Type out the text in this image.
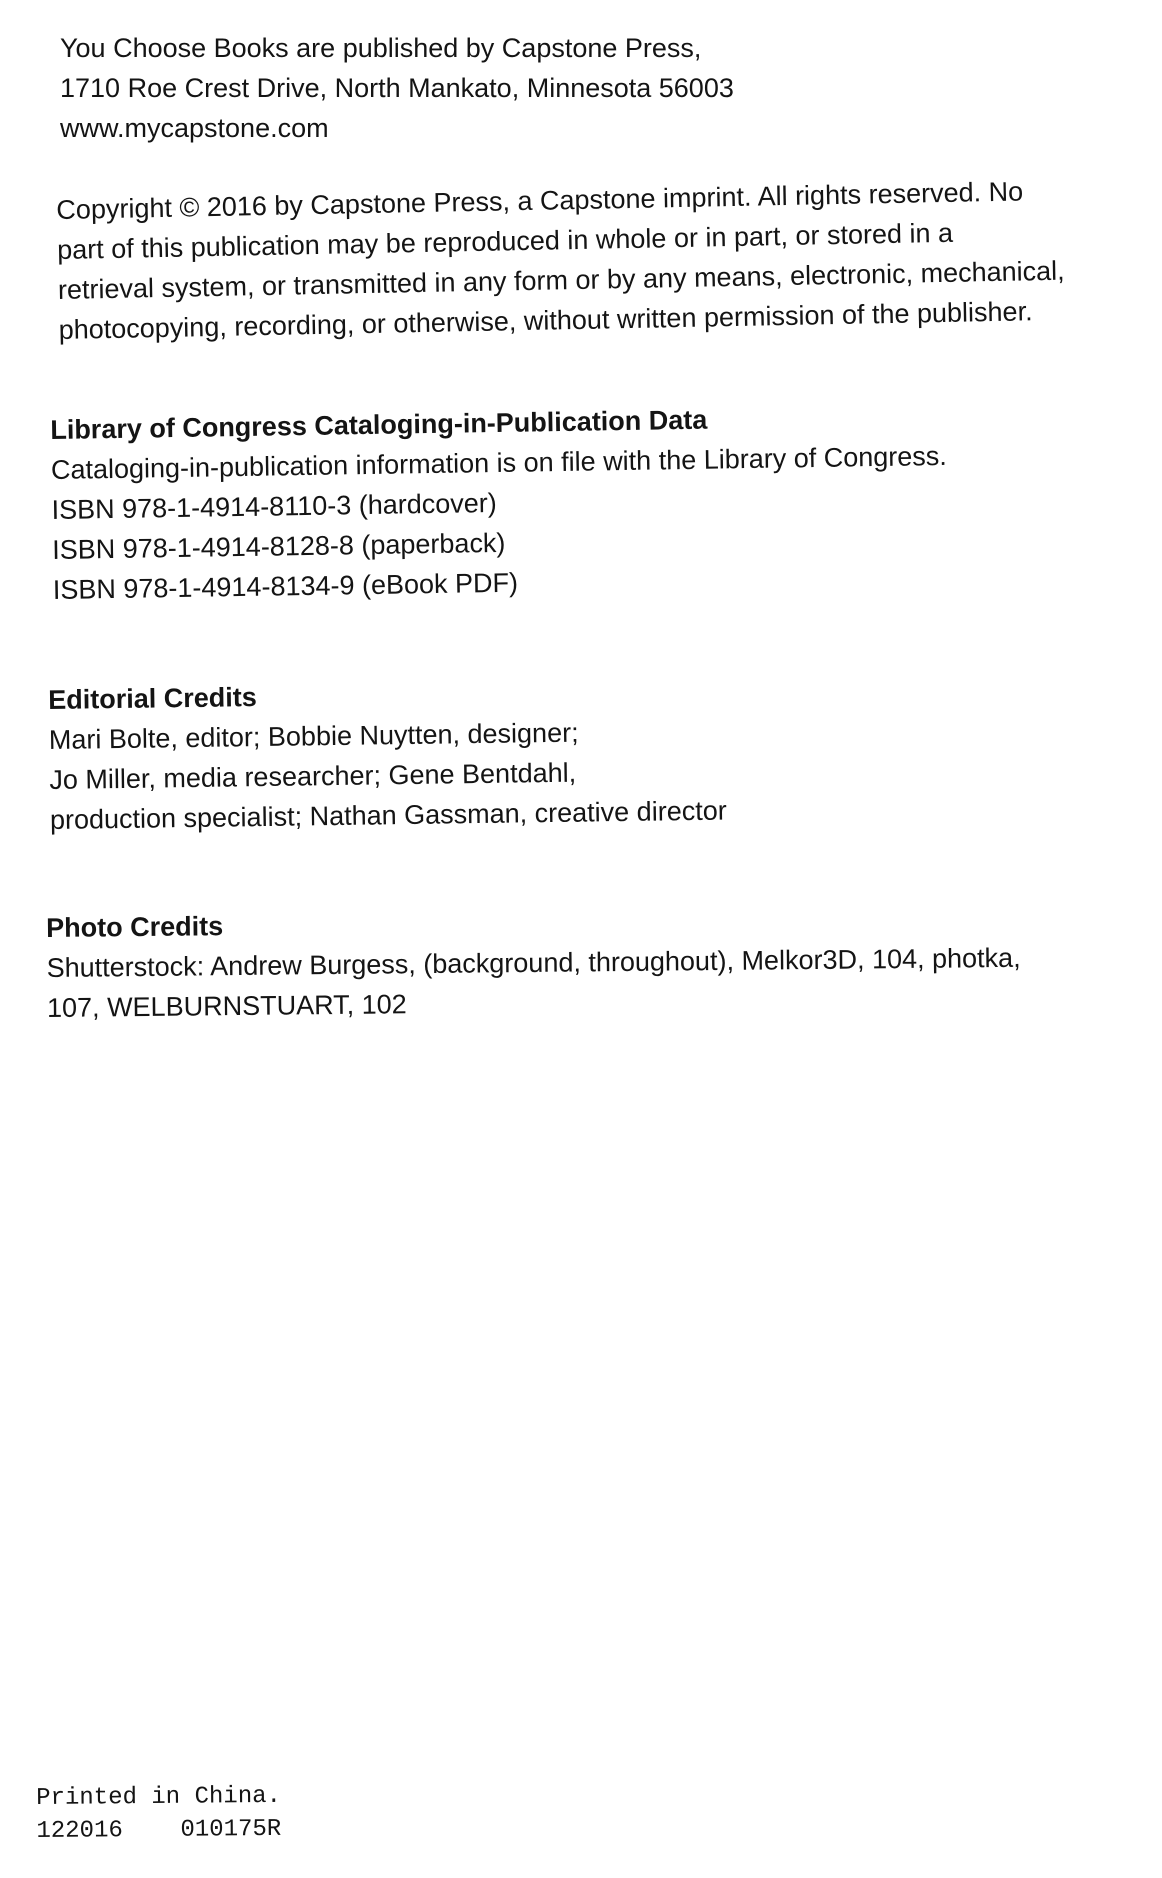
You Choose Books are published by Capstone Press,
1710 Roe Crest Drive, North Mankato, Minnesota 56003
www.mycapstone.com
Copyright © 2016 by Capstone Press, a Capstone imprint. All rights reserved. No
part of this publication may be reproduced in whole or in part, or stored in a
retrieval system, or transmitted in any form or by any means, electronic, mechanical,
photocopying, recording, or otherwise, without written permission of the publisher.
Library of Congress Cataloging-in-Publication Data
Cataloging-in-publication information is on file with the Library of Congress.
ISBN 978-1-4914-8110-3 (hardcover)
ISBN 978-1-4914-8128-8 (paperback)
ISBN 978-1-4914-8134-9 (eBook PDF)
Editorial Credits
Mari Bolte, editor; Bobbie Nuytten, designer;
Jo Miller, media researcher; Gene Bentdahl,
production specialist; Nathan Gassman, creative director
Photo Credits
Shutterstock: Andrew Burgess, (background, throughout), Melkor3D, 104, photka,
107, WELBURNSTUART, 102
Printed in China.
122016    010175R
